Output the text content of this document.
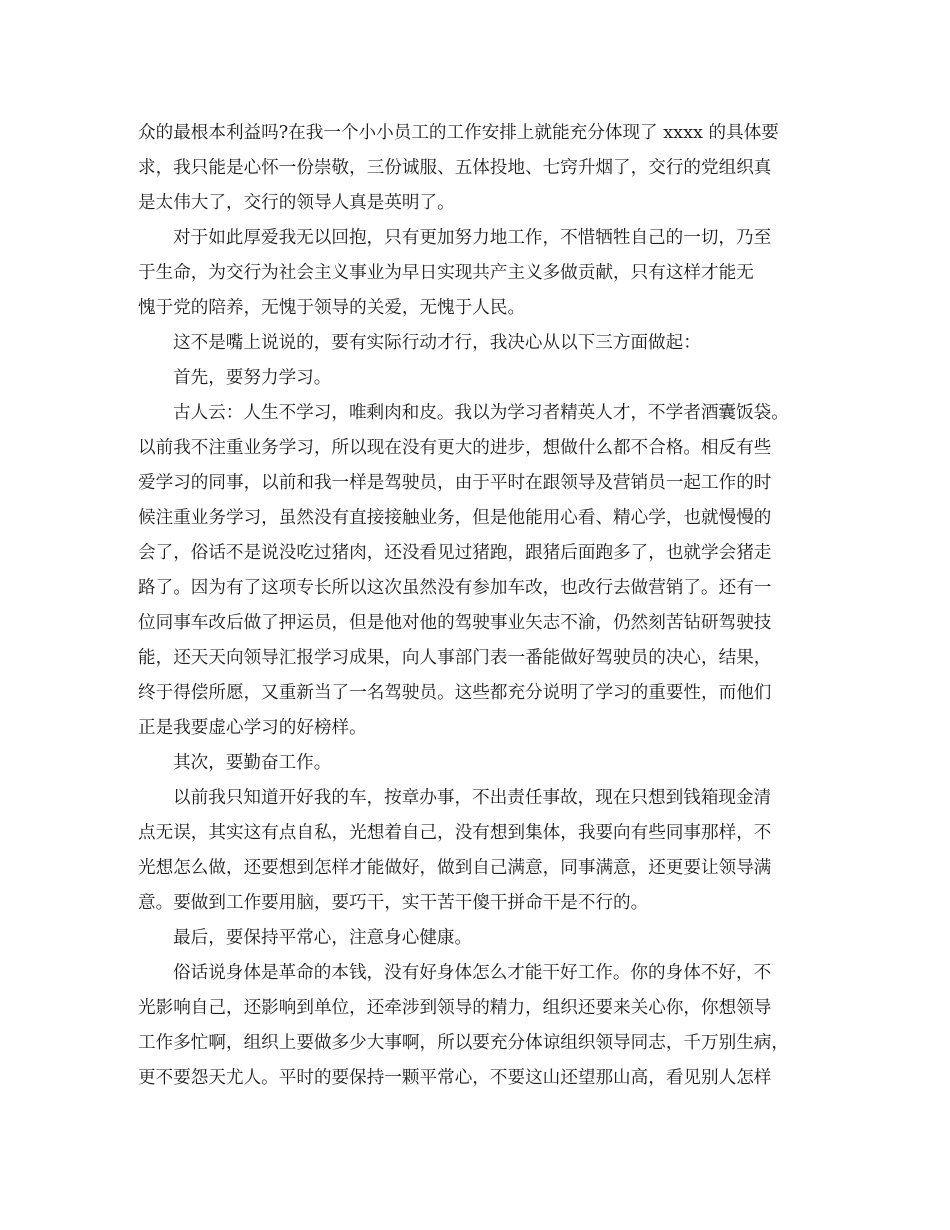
众的最根本利益吗?在我一个小小员工的工作安排上就能充分体现了 xxxx 的具体要
求，我只能是心怀一份崇敬，三份诚服、五体投地、七窍升烟了，交行的党组织真
是太伟大了，交行的领导人真是英明了。
对于如此厚爱我无以回抱，只有更加努力地工作，不惜牺牲自己的一切，乃至
于生命，为交行为社会主义事业为早日实现共产主义多做贡献，只有这样才能无
愧于党的陪养，无愧于领导的关爱，无愧于人民。
这不是嘴上说说的，要有实际行动才行，我决心从以下三方面做起：
首先，要努力学习。
古人云：人生不学习，唯剩肉和皮。我以为学习者精英人才，不学者酒囊饭袋。
以前我不注重业务学习，所以现在没有更大的进步，想做什么都不合格。相反有些
爱学习的同事，以前和我一样是驾驶员，由于平时在跟领导及营销员一起工作的时
候注重业务学习，虽然没有直接接触业务，但是他能用心看、精心学，也就慢慢的
会了，俗话不是说没吃过猪肉，还没看见过猪跑，跟猪后面跑多了，也就学会猪走
路了。因为有了这项专长所以这次虽然没有参加车改，也改行去做营销了。还有一
位同事车改后做了押运员，但是他对他的驾驶事业矢志不渝，仍然刻苦钻研驾驶技
能，还天天向领导汇报学习成果，向人事部门表一番能做好驾驶员的决心，结果，
终于得偿所愿，又重新当了一名驾驶员。这些都充分说明了学习的重要性，而他们
正是我要虚心学习的好榜样。
其次，要勤奋工作。
以前我只知道开好我的车，按章办事，不出责任事故，现在只想到钱箱现金清
点无误，其实这有点自私，光想着自己，没有想到集体，我要向有些同事那样，不
光想怎么做，还要想到怎样才能做好，做到自己满意，同事满意，还更要让领导满
意。要做到工作要用脑，要巧干，实干苦干傻干拼命干是不行的。
最后，要保持平常心，注意身心健康。
俗话说身体是革命的本钱，没有好身体怎么才能干好工作。你的身体不好，不
光影响自己，还影响到单位，还牵涉到领导的精力，组织还要来关心你，你想领导
工作多忙啊，组织上要做多少大事啊，所以要充分体谅组织领导同志，千万别生病，
更不要怨天尤人。平时的要保持一颗平常心，不要这山还望那山高，看见别人怎样
